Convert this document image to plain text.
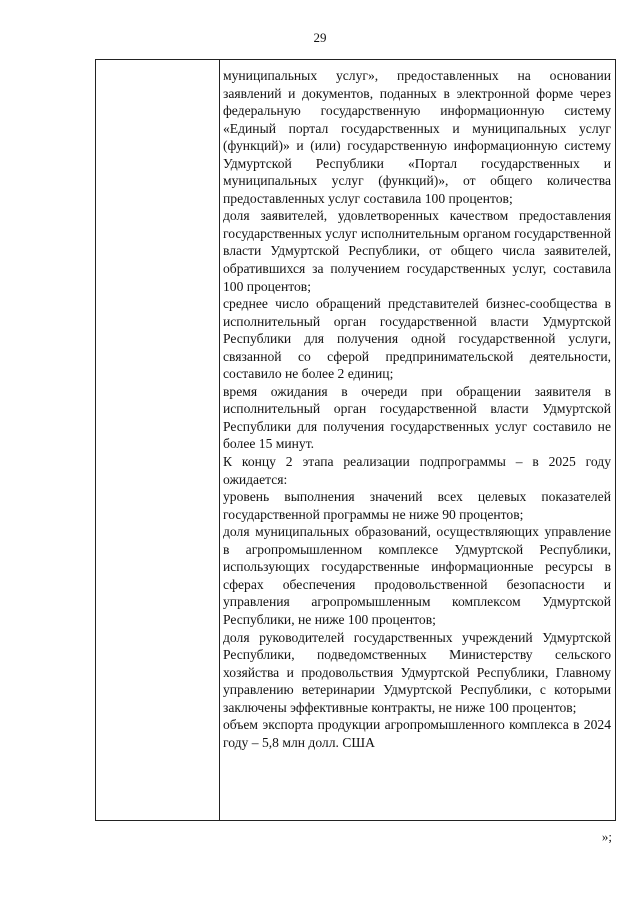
29

муниципальных услуг», предоставленных на основании заявлений и документов, поданных в электронной форме через федеральную государственную информационную систему «Единый портал государственных и муниципальных услуг (функций)» и (или) государственную информационную систему Удмуртской Республики «Портал государственных и муниципальных услуг (функций)», от общего количества предоставленных услуг составила 100 процентов;

доля заявителей, удовлетворенных качеством предоставления государственных услуг исполнительным органом государственной власти Удмуртской Республики, от общего числа заявителей, обратившихся за получением государственных услуг, составила 100 процентов;

среднее число обращений представителей бизнес-сообщества в исполнительный орган государственной власти Удмуртской Республики для получения одной государственной услуги, связанной со сферой предпринимательской деятельности, составило не более 2 единиц;

время ожидания в очереди при обращении заявителя в исполнительный орган государственной власти Удмуртской Республики для получения государственных услуг составило не более 15 минут.

К концу 2 этапа реализации подпрограммы – в 2025 году ожидается:

уровень выполнения значений всех целевых показателей государственной программы не ниже 90 процентов;

доля муниципальных образований, осуществляющих управление в агропромышленном комплексе Удмуртской Республики, использующих государственные информационные ресурсы в сферах обеспечения продовольственной безопасности и управления агропромышленным комплексом Удмуртской Республики, не ниже 100 процентов;

доля руководителей государственных учреждений Удмуртской Республики, подведомственных Министерству сельского хозяйства и продовольствия Удмуртской Республики, Главному управлению ветеринарии Удмуртской Республики, с которыми заключены эффективные контракты, не ниже 100 процентов;

объем экспорта продукции агропромышленного комплекса в 2024 году – 5,8 млн долл. США

»;
